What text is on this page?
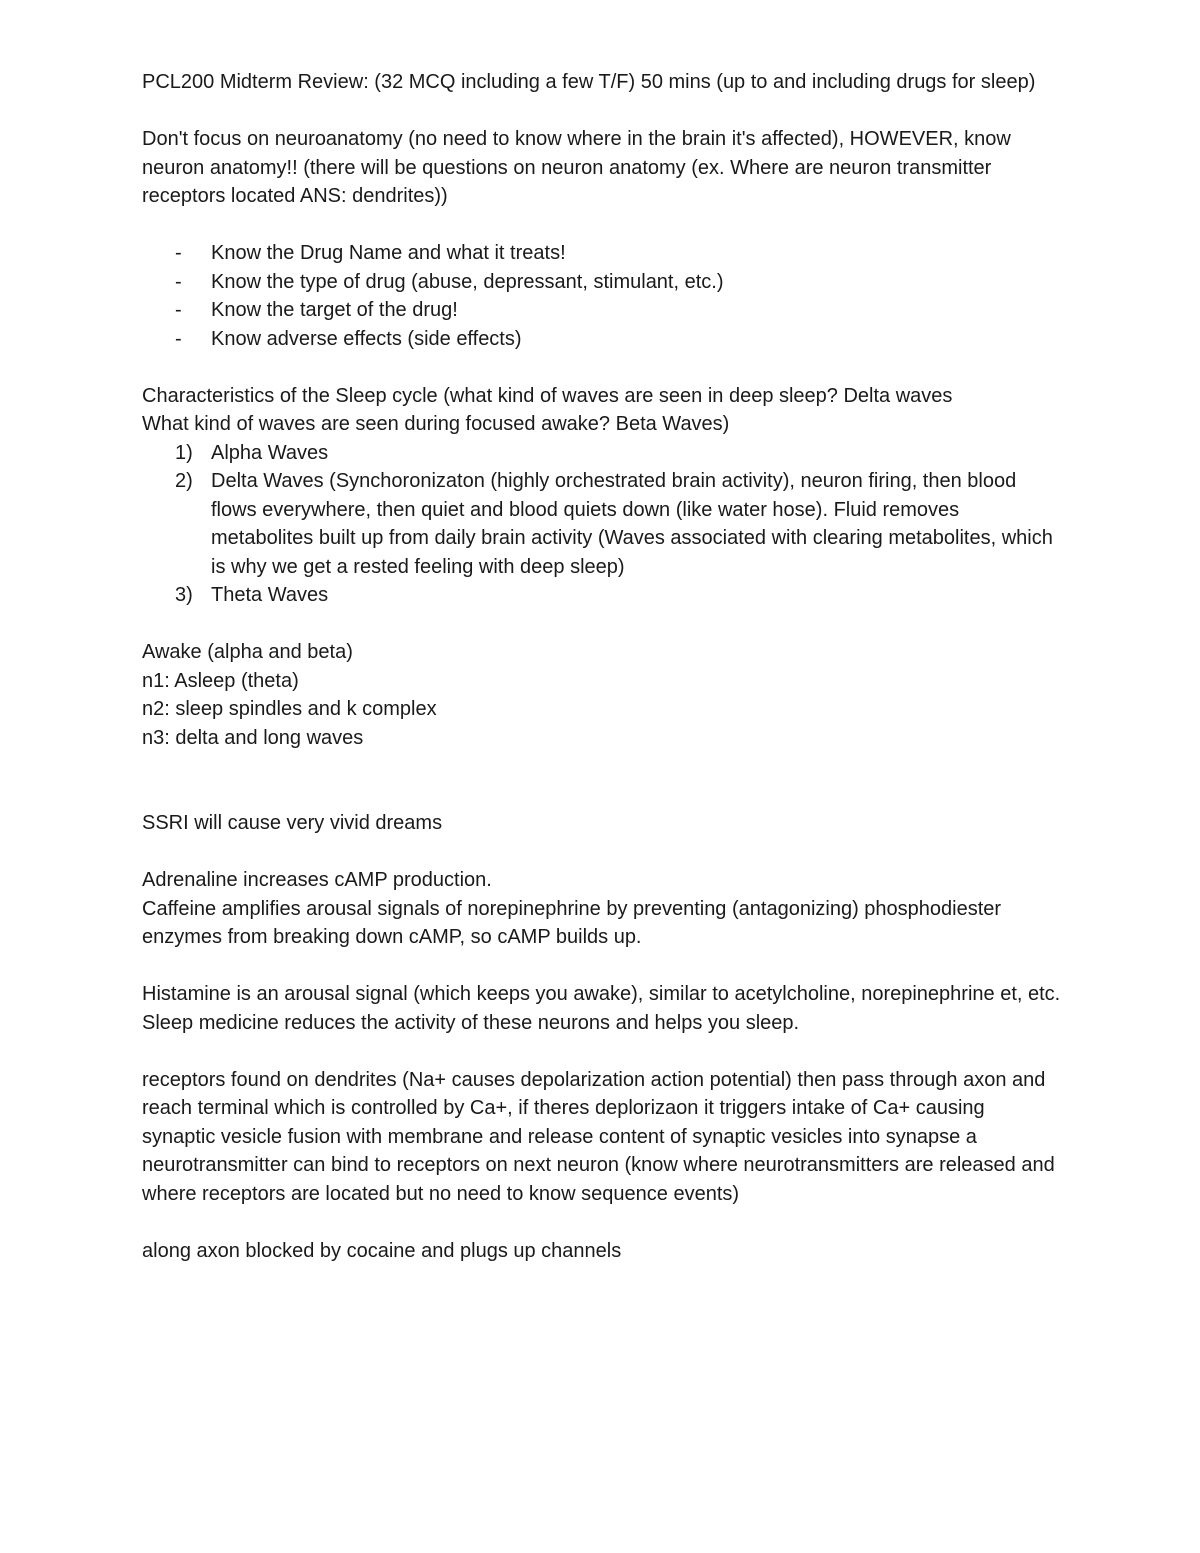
PCL200 Midterm Review: (32 MCQ including a few T/F) 50 mins (up to and including drugs for sleep)

Don't focus on neuroanatomy (no need to know where in the brain it's affected), HOWEVER, know neuron anatomy!! (there will be questions on neuron anatomy (ex. Where are neuron transmitter receptors located ANS: dendrites))

- Know the Drug Name and what it treats!
- Know the type of drug (abuse, depressant, stimulant, etc.)
- Know the target of the drug!
- Know adverse effects (side effects)

Characteristics of the Sleep cycle (what kind of waves are seen in deep sleep? Delta waves

What kind of waves are seen during focused awake? Beta Waves)

1) Alpha Waves
2) Delta Waves (Synchoronizaton (highly orchestrated brain activity), neuron firing, then blood flows everywhere, then quiet and blood quiets down (like water hose). Fluid removes metabolites built up from daily brain activity (Waves associated with clearing metabolites, which is why we get a rested feeling with deep sleep)
3) Theta Waves

Awake (alpha and beta)

n1: Asleep (theta)

n2: sleep spindles and k complex

n3: delta and long waves

SSRI will cause very vivid dreams

Adrenaline increases cAMP production.

Caffeine amplifies arousal signals of norepinephrine by preventing (antagonizing) phosphodiester enzymes from breaking down cAMP, so cAMP builds up.

Histamine is an arousal signal (which keeps you awake), similar to acetylcholine, norepinephrine et, etc. Sleep medicine reduces the activity of these neurons and helps you sleep.

receptors found on dendrites (Na+ causes depolarization action potential) then pass through axon and reach terminal which is controlled by Ca+, if theres deplorizaon it triggers intake of Ca+ causing synaptic vesicle fusion with membrane and release content of synaptic vesicles into synapse a neurotransmitter can bind to receptors on next neuron (know where neurotransmitters are released and where receptors are located but no need to know sequence events)

along axon blocked by cocaine and plugs up channels
